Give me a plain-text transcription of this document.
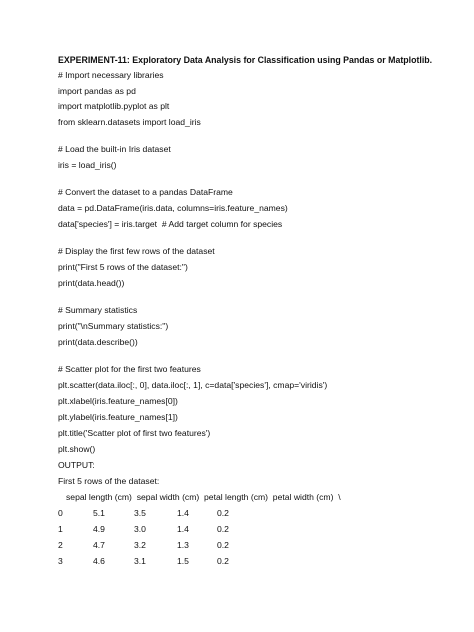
EXPERIMENT-11: Exploratory Data Analysis for Classification using Pandas or Matplotlib.
# Import necessary libraries
import pandas as pd
import matplotlib.pyplot as plt
from sklearn.datasets import load_iris
# Load the built-in Iris dataset
iris = load_iris()
# Convert the dataset to a pandas DataFrame
data = pd.DataFrame(iris.data, columns=iris.feature_names)
data['species'] = iris.target  # Add target column for species
# Display the first few rows of the dataset
print("First 5 rows of the dataset:")
print(data.head())
# Summary statistics
print("\nSummary statistics:")
print(data.describe())
# Scatter plot for the first two features
plt.scatter(data.iloc[:, 0], data.iloc[:, 1], c=data['species'], cmap='viridis')
plt.xlabel(iris.feature_names[0])
plt.ylabel(iris.feature_names[1])
plt.title('Scatter plot of first two features')
plt.show()
OUTPUT:
First 5 rows of the dataset:
sepal length (cm)  sepal width (cm)  petal length (cm)  petal width (cm)  \
0	5.1	3.5	1.4	0.2
1	4.9	3.0	1.4	0.2
2	4.7	3.2	1.3	0.2
3	4.6	3.1	1.5	0.2
